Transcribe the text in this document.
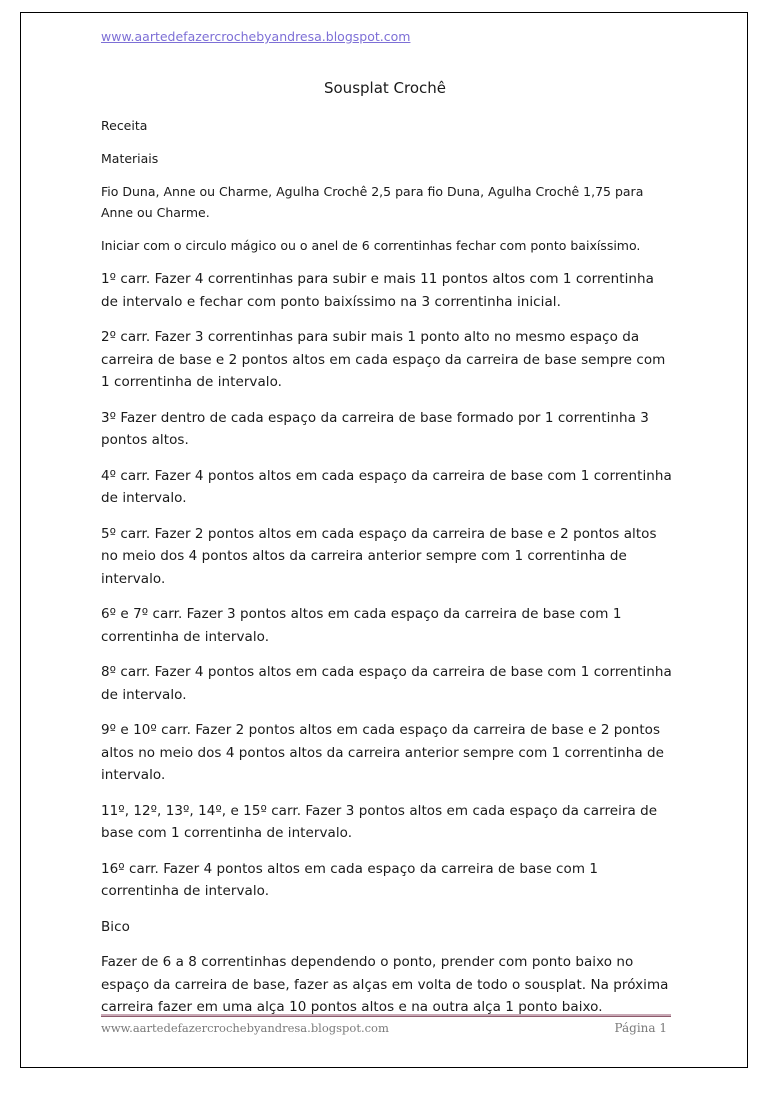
www.aartedefazercrochebyandresa.blogspot.com
Sousplat Crochê

Receita

Materiais

Fio Duna, Anne ou Charme, Agulha Crochê 2,5 para fio Duna, Agulha Crochê 1,75 para Anne ou Charme.

Iniciar com o circulo mágico ou o anel de 6 correntinhas fechar com ponto baixíssimo.

1º carr. Fazer 4 correntinhas para subir e mais 11 pontos altos com 1 correntinha de intervalo e fechar com ponto baixíssimo na 3 correntinha inicial.

2º carr. Fazer 3 correntinhas para subir mais 1 ponto alto no mesmo espaço da carreira de base e 2 pontos altos em cada espaço da carreira de base sempre com 1 correntinha de intervalo.

3º Fazer dentro de cada espaço da carreira de base formado por 1 correntinha 3 pontos altos.

4º carr. Fazer 4 pontos altos em cada espaço da carreira de base com 1 correntinha de intervalo.

5º carr. Fazer 2 pontos altos em cada espaço da carreira de base e 2 pontos altos no meio dos 4 pontos altos da carreira anterior sempre com 1 correntinha de intervalo.

6º e 7º carr. Fazer 3 pontos altos em cada espaço da carreira de base com 1 correntinha de intervalo.

8º carr. Fazer 4 pontos altos em cada espaço da carreira de base com 1 correntinha de intervalo.

9º e 10º carr. Fazer 2 pontos altos em cada espaço da carreira de base e 2 pontos altos no meio dos 4 pontos altos da carreira anterior sempre com 1 correntinha de intervalo.

11º, 12º, 13º, 14º, e 15º carr. Fazer 3 pontos altos em cada espaço da carreira de base com 1 correntinha de intervalo.

16º carr. Fazer 4 pontos altos em cada espaço da carreira de base com 1 correntinha de intervalo.

Bico

Fazer de 6 a 8 correntinhas dependendo o ponto, prender com ponto baixo no espaço da carreira de base, fazer as alças em volta de todo o sousplat. Na próxima carreira fazer em uma alça 10 pontos altos e na outra alça 1 ponto baixo.

www.aartedefazercrochebyandresa.blogspot.com	Página 1
